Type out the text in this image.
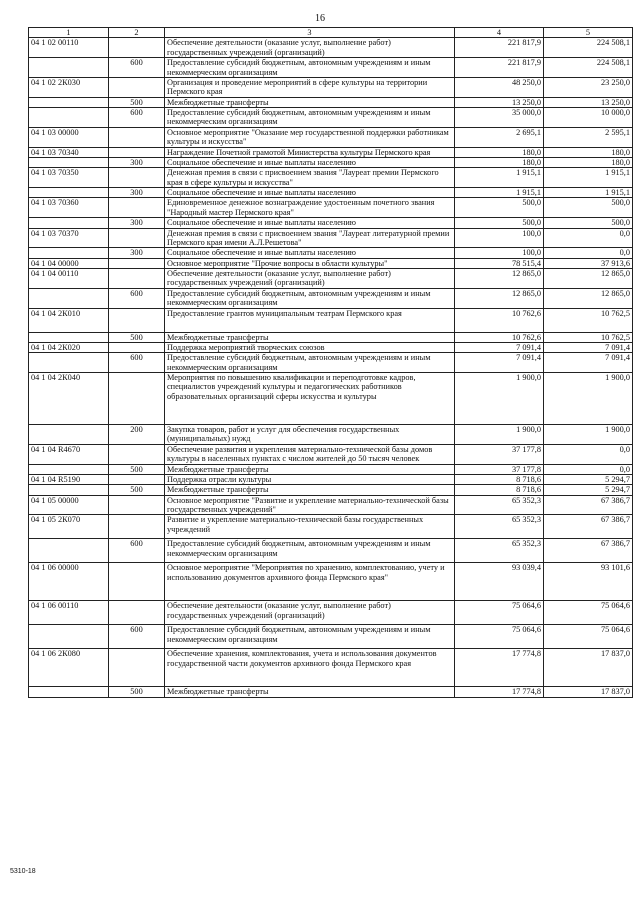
16
1	2	3	4	5
04 1 02 00110		Обеспечение деятельности (оказание услуг, выполнение работ) государственных учреждений (организаций)	221 817,9	224 508,1
	600	Предоставление субсидий бюджетным, автономным учреждениям и иным некоммерческим организациям	221 817,9	224 508,1
04 1 02 2К030		Организация и проведение мероприятий в сфере культуры на территории Пермского края	48 250,0	23 250,0
	500	Межбюджетные трансферты	13 250,0	13 250,0
	600	Предоставление субсидий бюджетным, автономным учреждениям и иным некоммерческим организациям	35 000,0	10 000,0
04 1 03 00000		Основное мероприятие "Оказание мер государственной поддержки работникам культуры и искусства"	2 695,1	2 595,1
04 1 03 70340		Награждение Почетной грамотой Министерства культуры Пермского края	180,0	180,0
	300	Социальное обеспечение и иные выплаты населению	180,0	180,0
04 1 03 70350		Денежная премия в связи с присвоением звания "Лауреат премии Пермского края в сфере культуры и искусства"	1 915,1	1 915,1
	300	Социальное обеспечение и иные выплаты населению	1 915,1	1 915,1
04 1 03 70360		Единовременное денежное вознаграждение удостоенным почетного звания "Народный мастер Пермского края"	500,0	500,0
	300	Социальное обеспечение и иные выплаты населению	500,0	500,0
04 1 03 70370		Денежная премия в связи с присвоением звания "Лауреат литературной премии Пермского края имени А.Л.Решетова"	100,0	0,0
	300	Социальное обеспечение и иные выплаты населению	100,0	0,0
04 1 04 00000		Основное мероприятие "Прочие вопросы в области культуры"	78 515,4	37 913,6
04 1 04 00110		Обеспечение деятельности (оказание услуг, выполнение работ) государственных учреждений (организаций)	12 865,0	12 865,0
	600	Предоставление субсидий бюджетным, автономным учреждениям и иным некоммерческим организациям	12 865,0	12 865,0
04 1 04 2К010		Предоставление грантов муниципальным театрам Пермского края	10 762,6	10 762,5
	500	Межбюджетные трансферты	10 762,6	10 762,5
04 1 04 2К020		Поддержка мероприятий творческих союзов	7 091,4	7 091,4
	600	Предоставление субсидий бюджетным, автономным учреждениям и иным некоммерческим организациям	7 091,4	7 091,4
04 1 04 2К040		Мероприятия по повышению квалификации и переподготовке кадров, специалистов учреждений культуры и педагогических работников образовательных организаций сферы искусства и культуры	1 900,0	1 900,0
	200	Закупка товаров, работ и услуг для обеспечения государственных (муниципальных) нужд	1 900,0	1 900,0
04 1 04 R4670		Обеспечение развития и укрепления материально-технической базы домов культуры в населенных пунктах с числом жителей до 50 тысяч человек	37 177,8	0,0
	500	Межбюджетные трансферты	37 177,8	0,0
04 1 04 R5190		Поддержка отрасли культуры	8 718,6	5 294,7
	500	Межбюджетные трансферты	8 718,6	5 294,7
04 1 05 00000		Основное мероприятие "Развитие и укрепление материально-технической базы государственных учреждений"	65 352,3	67 386,7
04 1 05 2К070		Развитие и укрепление материально-технической базы государственных учреждений	65 352,3	67 386,7
	600	Предоставление субсидий бюджетным, автономным учреждениям и иным некоммерческим организациям	65 352,3	67 386,7
04 1 06 00000		Основное мероприятие "Мероприятия по хранению, комплектованию, учету и использованию документов архивного фонда Пермского края"	93 039,4	93 101,6
04 1 06 00110		Обеспечение деятельности (оказание услуг, выполнение работ) государственных учреждений (организаций)	75 064,6	75 064,6
	600	Предоставление субсидий бюджетным, автономным учреждениям и иным некоммерческим организациям	75 064,6	75 064,6
04 1 06 2К080		Обеспечение хранения, комплектования, учета и использования документов государственной части документов архивного фонда Пермского края	17 774,8	17 837,0
	500	Межбюджетные трансферты	17 774,8	17 837,0
5310-18
